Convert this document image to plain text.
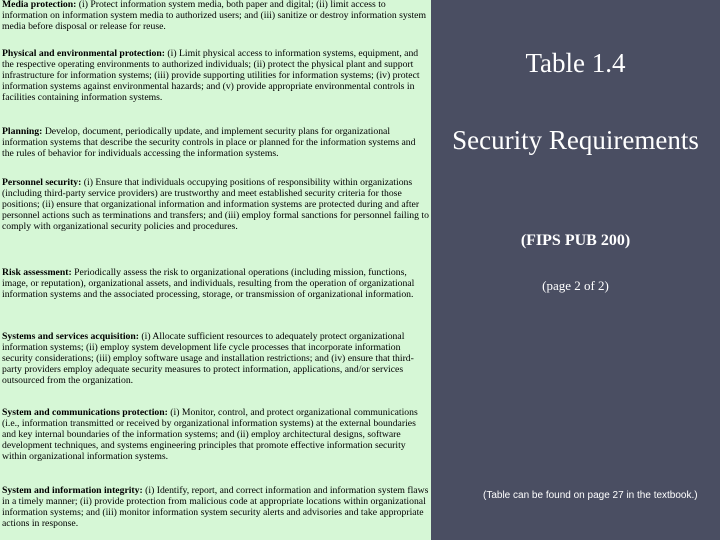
Media protection: (i) Protect information system media, both paper and digital; (ii) limit access to information on information system media to authorized users; and (iii) sanitize or destroy information system media before disposal or release for reuse.
Physical and environmental protection: (i) Limit physical access to information systems, equipment, and the respective operating environments to authorized individuals; (ii) protect the physical plant and support infrastructure for information systems; (iii) provide supporting utilities for information systems; (iv) protect information systems against environmental hazards; and (v) provide appropriate environmental controls in facilities containing information systems.
Planning: Develop, document, periodically update, and implement security plans for organizational information systems that describe the security controls in place or planned for the information systems and the rules of behavior for individuals accessing the information systems.
Personnel security: (i) Ensure that individuals occupying positions of responsibility within organizations (including third-party service providers) are trustworthy and meet established security criteria for those positions; (ii) ensure that organizational information and information systems are protected during and after personnel actions such as terminations and transfers; and (iii) employ formal sanctions for personnel failing to comply with organizational security policies and procedures.
Risk assessment: Periodically assess the risk to organizational operations (including mission, functions, image, or reputation), organizational assets, and individuals, resulting from the operation of organizational information systems and the associated processing, storage, or transmission of organizational information.
Systems and services acquisition: (i) Allocate sufficient resources to adequately protect organizational information systems; (ii) employ system development life cycle processes that incorporate information security considerations; (iii) employ software usage and installation restrictions; and (iv) ensure that third-party providers employ adequate security measures to protect information, applications, and/or services outsourced from the organization.
System and communications protection: (i) Monitor, control, and protect organizational communications (i.e., information transmitted or received by organizational information systems) at the external boundaries and key internal boundaries of the information systems; and (ii) employ architectural designs, software development techniques, and systems engineering principles that promote effective information security within organizational information systems.
System and information integrity: (i) Identify, report, and correct information and information system flaws in a timely manner; (ii) provide protection from malicious code at appropriate locations within organizational information systems; and (iii) monitor information system security alerts and advisories and take appropriate actions in response.
Table 1.4
Security Requirements
(FIPS PUB 200)
(page 2 of 2)
(Table can be found on page 27 in the textbook.)
